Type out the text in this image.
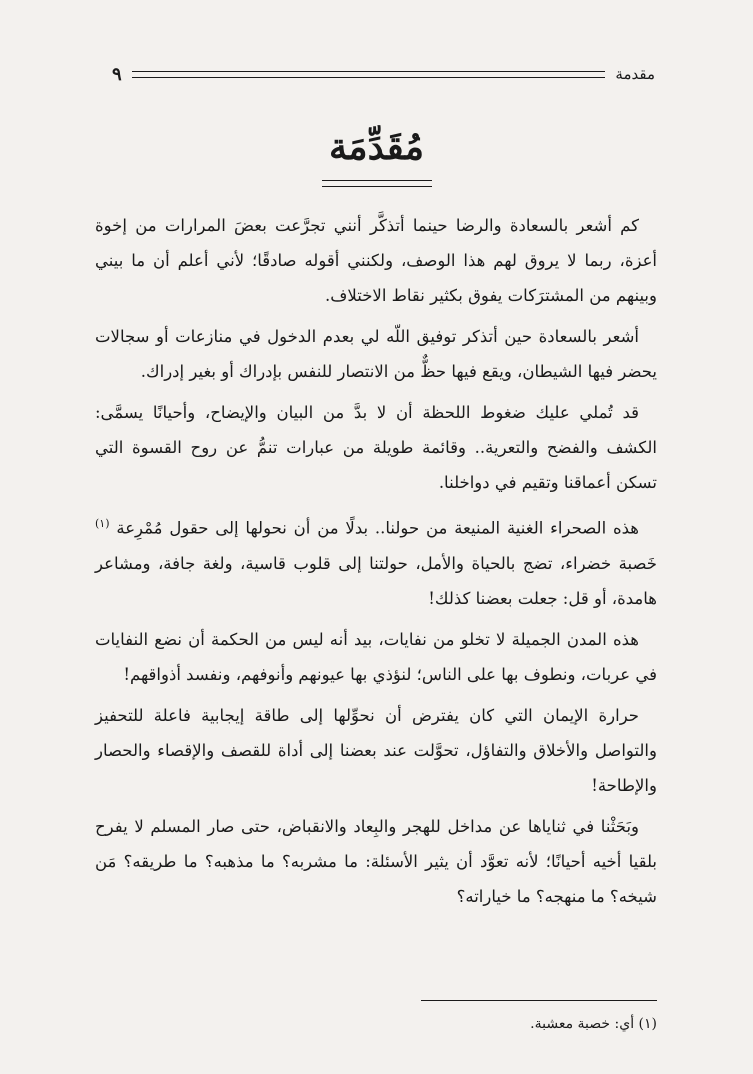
مقدمة
٩
مُقَدِّمَة

كم أشعر بالسعادة والرضا حينما أتذكَّر أنني تجرَّعت بعضَ المرارات من إخوة أعزة، ربما لا يروق لهم هذا الوصف، ولكنني أقوله صادقًا؛ لأني أعلم أن ما بيني وبينهم من المشترَكات يفوق بكثير نقاط الاختلاف.

أشعر بالسعادة حين أتذكر توفيق اللّه لي بعدم الدخول في منازعات أو سجالات يحضر فيها الشيطان، ويقع فيها حظٌّ من الانتصار للنفس بإدراك أو بغير إدراك.

قد تُملي عليك ضغوط اللحظة أن لا بدَّ من البيان والإيضاح، وأحيانًا يسمَّى: الكشف والفضح والتعرية.. وقائمة طويلة من عبارات تنمُّ عن روح القسوة التي تسكن أعماقنا وتقيم في دواخلنا.

هذه الصحراء الغنية المنيعة من حولنا.. بدلًا من أن نحولها إلى حقول مُمْرِعة $^{(١)}$ خَصبة خضراء، تضج بالحياة والأمل، حولتنا إلى قلوب قاسية، ولغة جافة، ومشاعر هامدة، أو قل: جعلت بعضنا كذلك!

هذه المدن الجميلة لا تخلو من نفايات، بيد أنه ليس من الحكمة أن نضع النفايات في عربات، ونطوف بها على الناس؛ لنؤذي بها عيونهم وأنوفهم، ونفسد أذواقهم!

حرارة الإيمان التي كان يفترض أن نحوِّلها إلى طاقة إيجابية فاعلة للتحفيز والتواصل والأخلاق والتفاؤل، تحوَّلت عند بعضنا إلى أداة للقصف والإقصاء والحصار والإطاحة!

وبَحَثْنا في ثناياها عن مداخل للهجر والبِعاد والانقباض، حتى صار المسلم لا يفرح بلقيا أخيه أحيانًا؛ لأنه تعوَّد أن يثير الأسئلة: ما مشربه؟ ما مذهبه؟ ما طريقه؟ مَن شيخه؟ ما منهجه؟ ما خياراته؟

(١) أي: خصبة معشبة.
